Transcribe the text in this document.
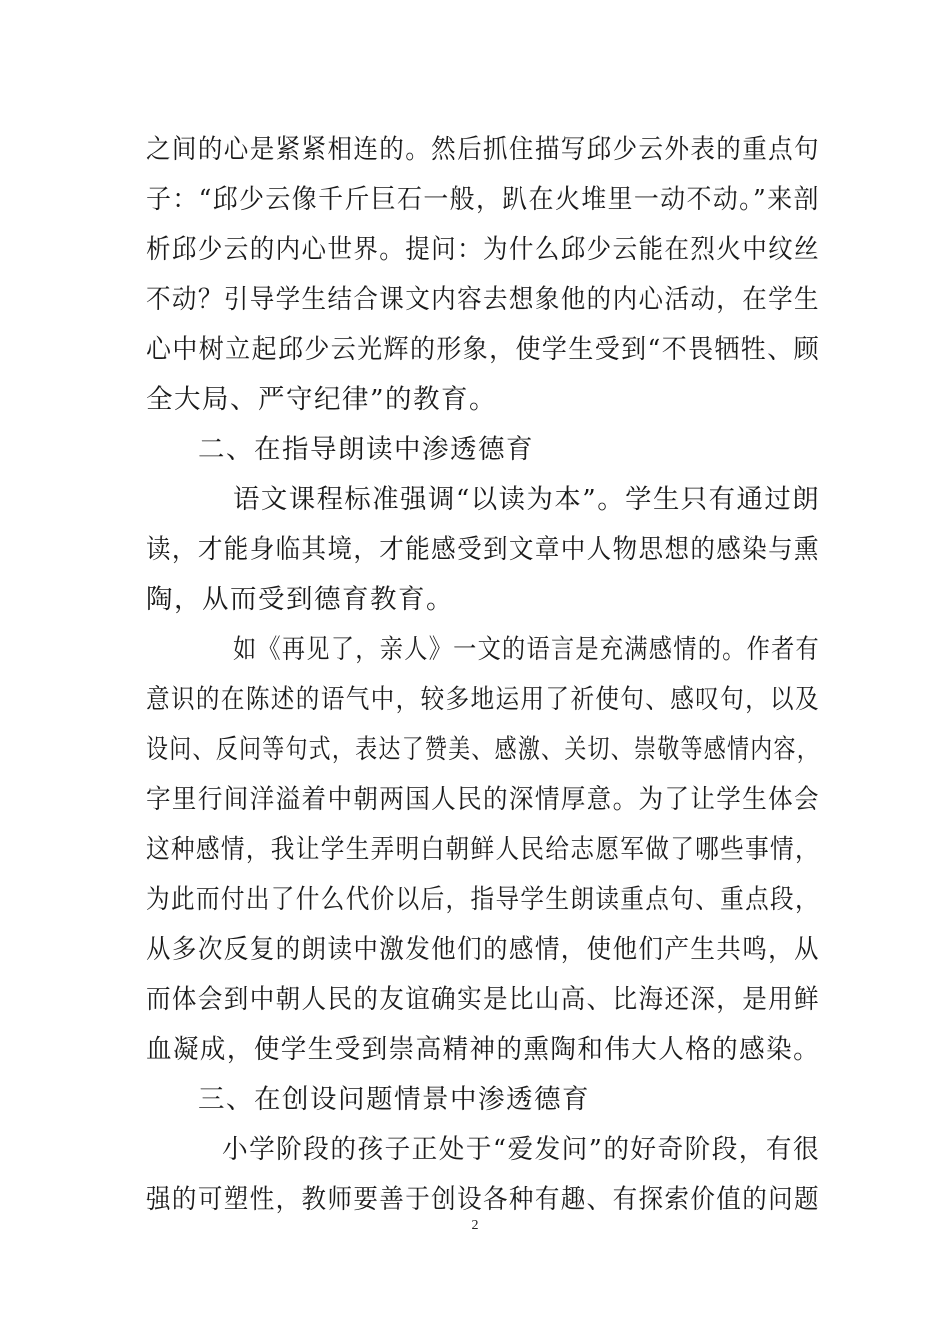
之间的心是紧紧相连的。然后抓住描写邱少云外表的重点句
子：“邱少云像千斤巨石一般，趴在火堆里一动不动。”来剖
析邱少云的内心世界。提问：为什么邱少云能在烈火中纹丝
不动？引导学生结合课文内容去想象他的内心活动，在学生
心中树立起邱少云光辉的形象，使学生受到“不畏牺牲、顾
全大局、严守纪律”的教育。
二、在指导朗读中渗透德育
语文课程标准强调“以读为本”。学生只有通过朗
读，才能身临其境，才能感受到文章中人物思想的感染与熏
陶，从而受到德育教育。
如《再见了，亲人》一文的语言是充满感情的。作者有
意识的在陈述的语气中，较多地运用了祈使句、感叹句，以及
设问、反问等句式，表达了赞美、感激、关切、崇敬等感情内容，
字里行间洋溢着中朝两国人民的深情厚意。为了让学生体会
这种感情，我让学生弄明白朝鲜人民给志愿军做了哪些事情，
为此而付出了什么代价以后，指导学生朗读重点句、重点段，
从多次反复的朗读中激发他们的感情，使他们产生共鸣，从
而体会到中朝人民的友谊确实是比山高、比海还深，是用鲜
血凝成，使学生受到崇高精神的熏陶和伟大人格的感染。
三、在创设问题情景中渗透德育
小学阶段的孩子正处于“爱发问”的好奇阶段，有很
强的可塑性，教师要善于创设各种有趣、有探索价值的问题
2
